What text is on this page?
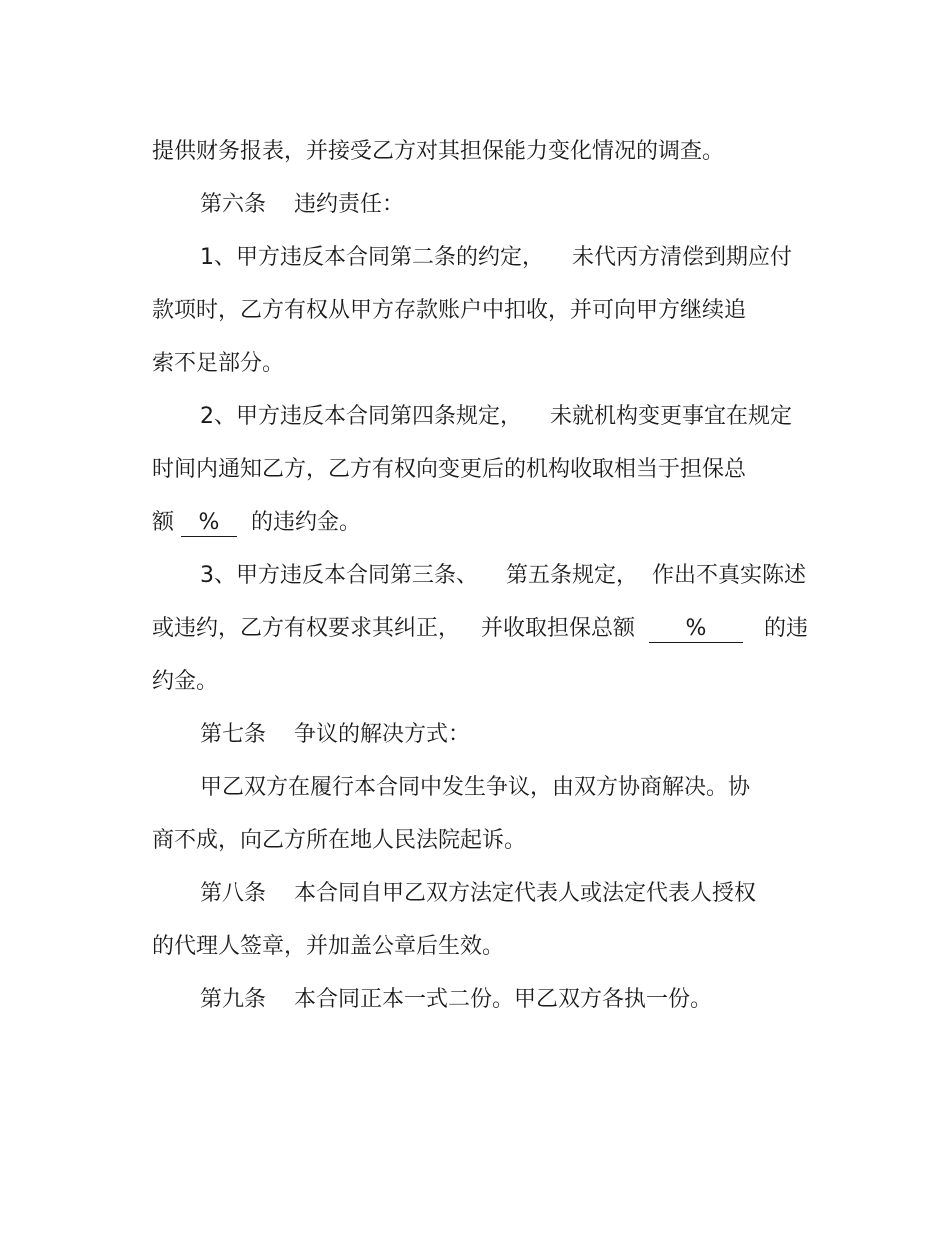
提供财务报表，并接受乙方对其担保能力变化情况的调查。
第六条    违约责任：
1、甲方违反本合同第二条的约定，    未代丙方清偿到期应付
款项时，乙方有权从甲方存款账户中扣收，并可向甲方继续追
索不足部分。
2、甲方违反本合同第四条规定，    未就机构变更事宜在规定
时间内通知乙方，乙方有权向变更后的机构收取相当于担保总
额 %  的违约金。
3、甲方违反本合同第三条、    第五条规定，  作出不真实陈述
或违约，乙方有权要求其纠正，   并收取担保总额  %   的违
约金。
第七条    争议的解决方式：
甲乙双方在履行本合同中发生争议，由双方协商解决。协
商不成，向乙方所在地人民法院起诉。
第八条    本合同自甲乙双方法定代表人或法定代表人授权
的代理人签章，并加盖公章后生效。
第九条    本合同正本一式二份。甲乙双方各执一份。
